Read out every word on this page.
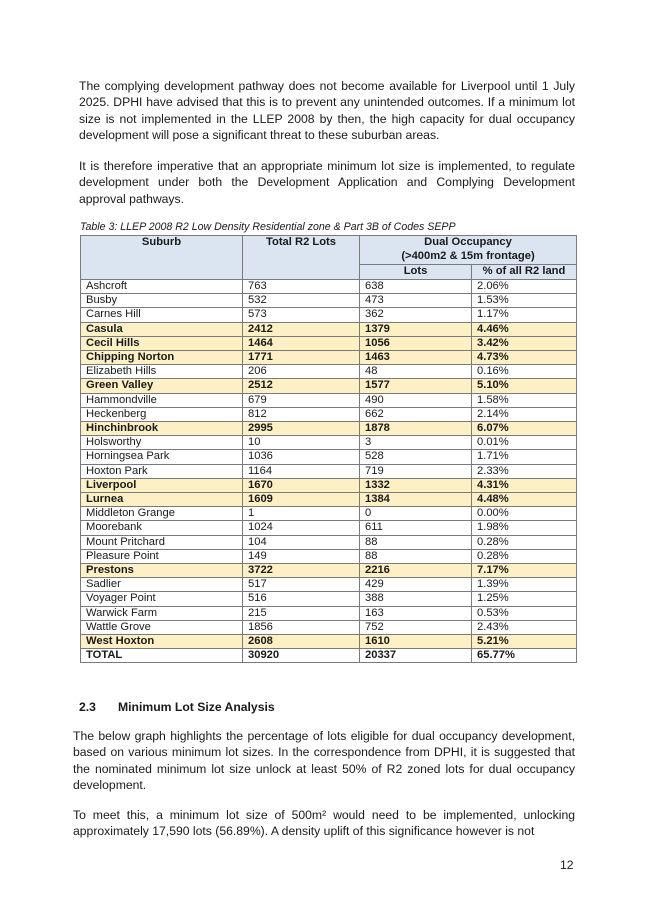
The complying development pathway does not become available for Liverpool until 1 July 2025. DPHI have advised that this is to prevent any unintended outcomes. If a minimum lot size is not implemented in the LLEP 2008 by then, the high capacity for dual occupancy development will pose a significant threat to these suburban areas.

It is therefore imperative that an appropriate minimum lot size is implemented, to regulate development under both the Development Application and Complying Development approval pathways.

Table 3: LLEP 2008 R2 Low Density Residential zone & Part 3B of Codes SEPP
Suburb	Total R2 Lots	Dual Occupancy	
		(>400m2 & 15m frontage)	
		Lots	% of all R2 land
Ashcroft	763	638	2.06%
Busby	532	473	1.53%
Carnes Hill	573	362	1.17%
Casula	2412	1379	4.46%
Cecil Hills	1464	1056	3.42%
Chipping Norton	1771	1463	4.73%
Elizabeth Hills	206	48	0.16%
Green Valley	2512	1577	5.10%
Hammondville	679	490	1.58%
Heckenberg	812	662	2.14%
Hinchinbrook	2995	1878	6.07%
Holsworthy	10	3	0.01%
Horningsea Park	1036	528	1.71%
Hoxton Park	1164	719	2.33%
Liverpool	1670	1332	4.31%
Lurnea	1609	1384	4.48%
Middleton Grange	1	0	0.00%
Moorebank	1024	611	1.98%
Mount Pritchard	104	88	0.28%
Pleasure Point	149	88	0.28%
Prestons	3722	2216	7.17%
Sadlier	517	429	1.39%
Voyager Point	516	388	1.25%
Warwick Farm	215	163	0.53%
Wattle Grove	1856	752	2.43%
West Hoxton	2608	1610	5.21%
TOTAL	30920	20337	65.77%
2.3 Minimum Lot Size Analysis

The below graph highlights the percentage of lots eligible for dual occupancy development, based on various minimum lot sizes. In the correspondence from DPHI, it is suggested that the nominated minimum lot size unlock at least 50% of R2 zoned lots for dual occupancy development.

To meet this, a minimum lot size of 500m² would need to be implemented, unlocking approximately 17,590 lots (56.89%). A density uplift of this significance however is not

12
